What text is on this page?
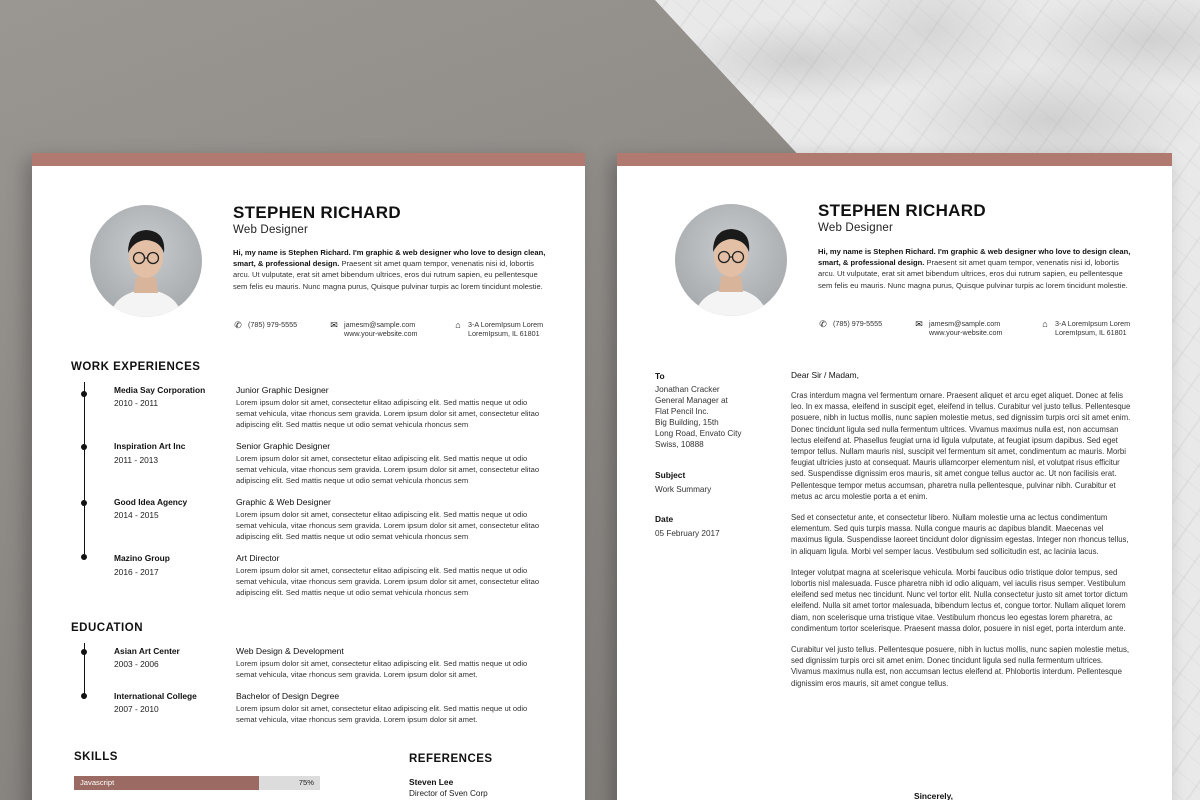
STEPHEN RICHARD
Web Designer
Hi, my name is Stephen Richard. I'm graphic & web designer who love to design clean, smart, & professional design. Praesent sit amet quam tempor, venenatis nisi id, lobortis arcu. Ut vulputate, erat sit amet bibendum ultrices, eros dui rutrum sapien, eu pellentesque sem felis eu mauris. Nunc magna purus, Quisque pulvinar turpis ac lorem tincidunt molestie.
✆ (785) 979-5555	✉ jamesm@sample.com
www.your-website.com
⌂	3-A LoremIpsum Lorem
LoremIpsum, IL 61801
WORK EXPERIENCES
Media Say Corporation
2010 - 2011
Junior Graphic Designer
Lorem ipsum dolor sit amet, consectetur elitao adipiscing elit. Sed mattis neque ut odio semat vehicula, vitae rhoncus sem gravida. Lorem ipsum dolor sit amet, consectetur elitao adipiscing elit. Sed mattis neque ut odio semat vehicula rhoncus sem
Inspiration Art Inc
2011 - 2013
Senior Graphic Designer
Lorem ipsum dolor sit amet, consectetur elitao adipiscing elit. Sed mattis neque ut odio semat vehicula, vitae rhoncus sem gravida. Lorem ipsum dolor sit amet, consectetur elitao adipiscing elit. Sed mattis neque ut odio semat vehicula rhoncus sem
Good Idea Agency
2014 - 2015
Graphic & Web Designer
Lorem ipsum dolor sit amet, consectetur elitao adipiscing elit. Sed mattis neque ut odio semat vehicula, vitae rhoncus sem gravida. Lorem ipsum dolor sit amet, consectetur elitao adipiscing elit. Sed mattis neque ut odio semat vehicula rhoncus sem
Mazino Group
2016 - 2017
Art Director
Lorem ipsum dolor sit amet, consectetur elitao adipiscing elit. Sed mattis neque ut odio semat vehicula, vitae rhoncus sem gravida. Lorem ipsum dolor sit amet, consectetur elitao adipiscing elit. Sed mattis neque ut odio semat vehicula rhoncus sem
EDUCATION
Asian Art Center
2003 - 2006
Web Design & Development
Lorem ipsum dolor sit amet, consectetur elitao adipiscing elit. Sed mattis neque ut odio semat vehicula, vitae rhoncus sem gravida. Lorem ipsum dolor sit amet.
International College
2007 - 2010
Bachelor of Design Degree
Lorem ipsum dolor sit amet, consectetur elitao adipiscing elit. Sed mattis neque ut odio semat vehicula, vitae rhoncus sem gravida. Lorem ipsum dolor sit amet.
SKILLS
Javascript	75%
REFERENCES
Steven Lee
Director of Sven Corp
STEPHEN RICHARD
Web Designer
Hi, my name is Stephen Richard. I'm graphic & web designer who love to design clean, smart, & professional design. Praesent sit amet quam tempor, venenatis nisi id, lobortis arcu. Ut vulputate, erat sit amet bibendum ultrices, eros dui rutrum sapien, eu pellentesque sem felis eu mauris. Nunc magna purus, Quisque pulvinar turpis ac lorem tincidunt molestie.
✆ (785) 979-5555	✉ jamesm@sample.com
www.your-website.com
⌂	3-A LoremIpsum Lorem
LoremIpsum, IL 61801
To
Jonathan Cracker
General Manager at
Flat Pencil Inc.
Big Building, 15th
Long Road, Envato City
Swiss, 10888
Subject
Work Summary
Date
05 February 2017
Dear Sir / Madam,

Cras interdum magna vel fermentum ornare. Praesent aliquet et arcu eget aliquet. Donec at felis leo. In ex massa, eleifend in suscipit eget, eleifend in tellus. Curabitur vel justo tellus. Pellentesque posuere, nibh in luctus mollis, nunc sapien molestie metus, sed dignissim turpis orci sit amet enim. Donec tincidunt ligula sed nulla fermentum ultrices. Vivamus maximus nulla est, non accumsan lectus eleifend at. Phasellus feugiat urna id ligula vulputate, at feugiat ipsum dapibus. Sed eget tempor tellus. Nullam mauris nisl, suscipit vel fermentum sit amet, condimentum ac mauris. Morbi feugiat ultricies justo at consequat. Mauris ullamcorper elementum nisl, et volutpat risus efficitur sed. Suspendisse dignissim eros mauris, sit amet congue tellus auctor ac. Ut non facilisis erat. Pellentesque tempor metus accumsan, pharetra nulla pellentesque, pulvinar nibh. Curabitur et metus ac arcu molestie porta a et enim.

Sed et consectetur ante, et consectetur libero. Nullam molestie urna ac lectus condimentum elementum. Sed quis turpis massa. Nulla congue mauris ac dapibus blandit. Maecenas vel maximus ligula. Suspendisse laoreet tincidunt dolor dignissim egestas. Integer non rhoncus tellus, in aliquam ligula. Morbi vel semper lacus. Vestibulum sed sollicitudin est, ac lacinia lacus.

Integer volutpat magna at scelerisque vehicula. Morbi faucibus odio tristique dolor tempus, sed lobortis nisl malesuada. Fusce pharetra nibh id odio aliquam, vel iaculis risus semper. Vestibulum eleifend sed metus nec tincidunt. Nunc vel tortor elit. Nulla consectetur justo sit amet tortor dictum eleifend. Nulla sit amet tortor malesuada, bibendum lectus et, congue tortor. Nullam aliquet lorem diam, non scelerisque urna tristique vitae. Vestibulum rhoncus leo egestas lorem pharetra, ac condimentum tortor scelerisque. Praesent massa dolor, posuere in nisl eget, porta interdum ante.

Curabitur vel justo tellus. Pellentesque posuere, nibh in luctus mollis, nunc sapien molestie metus, sed dignissim turpis orci sit amet enim. Donec tincidunt ligula sed nulla fermentum ultrices. Vivamus maximus nulla est, non accumsan lectus eleifend at. Phlobortis interdum. Pellentesque dignissim eros mauris, sit amet congue tellus.

Sincerely,
